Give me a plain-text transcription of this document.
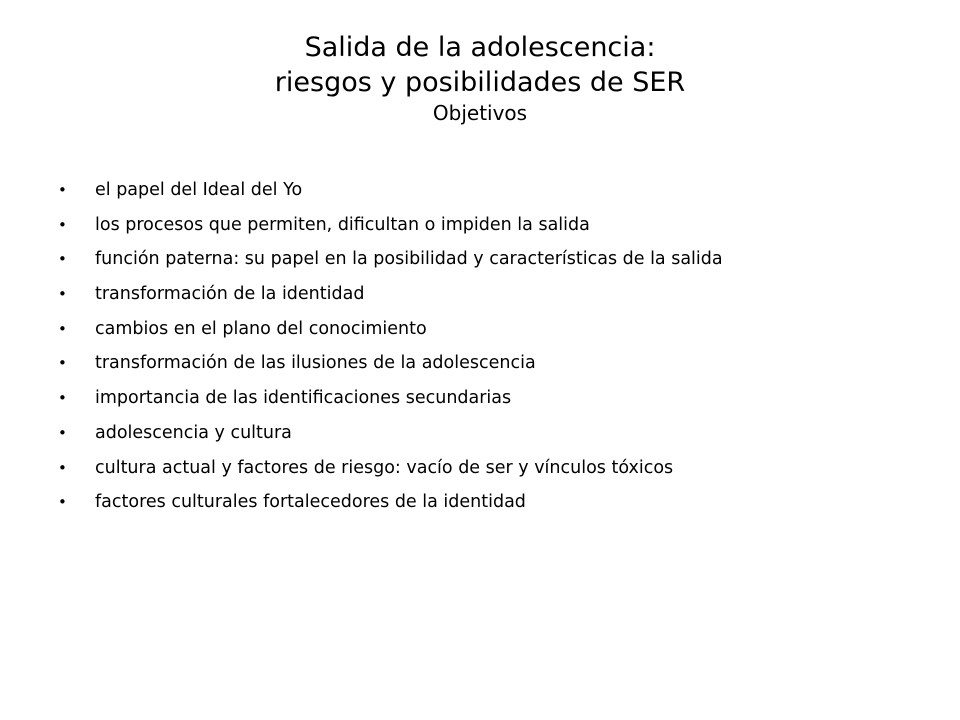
Salida de la adolescencia:
riesgos y posibilidades de SER
Objetivos
•	el papel del Ideal del Yo
•	los procesos que permiten, dificultan o impiden la salida
•	función paterna: su papel en la posibilidad y características de la salida
•	transformación de la identidad
•	cambios en el plano del conocimiento
•	transformación de las ilusiones de la adolescencia
•	importancia de las identificaciones secundarias
•	adolescencia y cultura
•	cultura actual y factores de riesgo: vacío de ser y vínculos tóxicos
•	factores culturales fortalecedores de la identidad
